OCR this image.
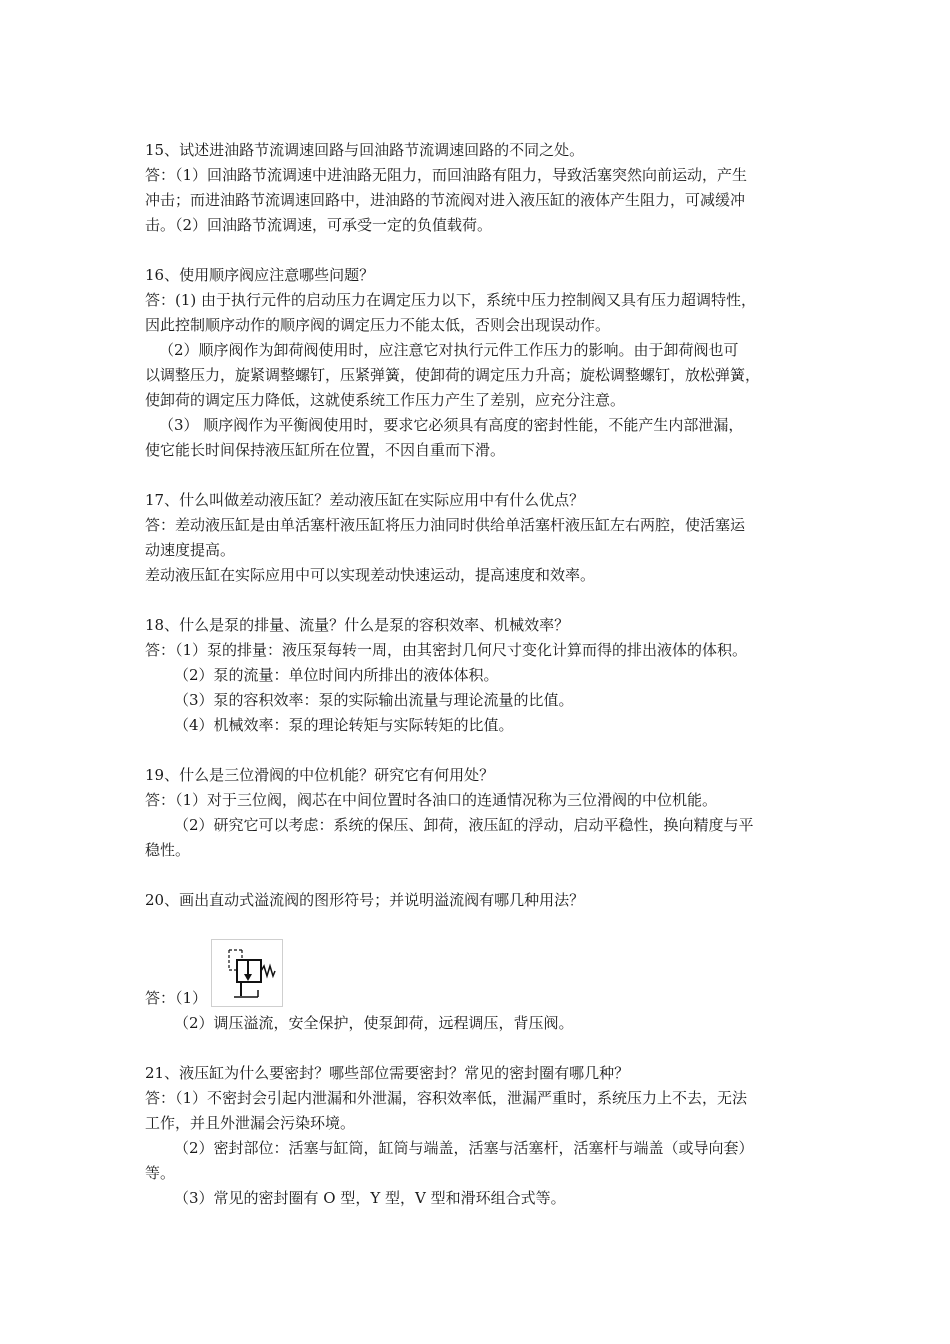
15、试述进油路节流调速回路与回油路节流调速回路的不同之处。

答：（1）回油路节流调速中进油路无阻力，而回油路有阻力，导致活塞突然向前运动，产生

冲击；而进油路节流调速回路中，进油路的节流阀对进入液压缸的液体产生阻力，可减缓冲

击。（2）回油路节流调速，可承受一定的负值载荷。

16、使用顺序阀应注意哪些问题？

答：(1) 由于执行元件的启动压力在调定压力以下，系统中压力控制阀又具有压力超调特性，

因此控制顺序动作的顺序阀的调定压力不能太低，否则会出现误动作。

（2）顺序阀作为卸荷阀使用时，应注意它对执行元件工作压力的影响。由于卸荷阀也可

以调整压力，旋紧调整螺钉，压紧弹簧，使卸荷的调定压力升高；旋松调整螺钉，放松弹簧，

使卸荷的调定压力降低，这就使系统工作压力产生了差别，应充分注意。

（3） 顺序阀作为平衡阀使用时，要求它必须具有高度的密封性能，不能产生内部泄漏，

使它能长时间保持液压缸所在位置，不因自重而下滑。

17、什么叫做差动液压缸？差动液压缸在实际应用中有什么优点？

答：差动液压缸是由单活塞杆液压缸将压力油同时供给单活塞杆液压缸左右两腔，使活塞运

动速度提高。

差动液压缸在实际应用中可以实现差动快速运动，提高速度和效率。

18、什么是泵的排量、流量？什么是泵的容积效率、机械效率？

答：（1）泵的排量：液压泵每转一周，由其密封几何尺寸变化计算而得的排出液体的体积。

（2）泵的流量：单位时间内所排出的液体体积。

（3）泵的容积效率：泵的实际输出流量与理论流量的比值。

（4）机械效率：泵的理论转矩与实际转矩的比值。

19、什么是三位滑阀的中位机能？研究它有何用处？

答：（1）对于三位阀，阀芯在中间位置时各油口的连通情况称为三位滑阀的中位机能。

（2）研究它可以考虑：系统的保压、卸荷，液压缸的浮动，启动平稳性，换向精度与平

稳性。

20、画出直动式溢流阀的图形符号；并说明溢流阀有哪几种用法？

答：（1）

（2）调压溢流，安全保护，使泵卸荷，远程调压，背压阀。

21、液压缸为什么要密封？哪些部位需要密封？常见的密封圈有哪几种？

答：（1）不密封会引起内泄漏和外泄漏，容积效率低，泄漏严重时，系统压力上不去，无法

工作，并且外泄漏会污染环境。

（2）密封部位：活塞与缸筒，缸筒与端盖，活塞与活塞杆，活塞杆与端盖（或导向套）

等。

（3）常见的密封圈有 O 型，Y 型，V 型和滑环组合式等。
